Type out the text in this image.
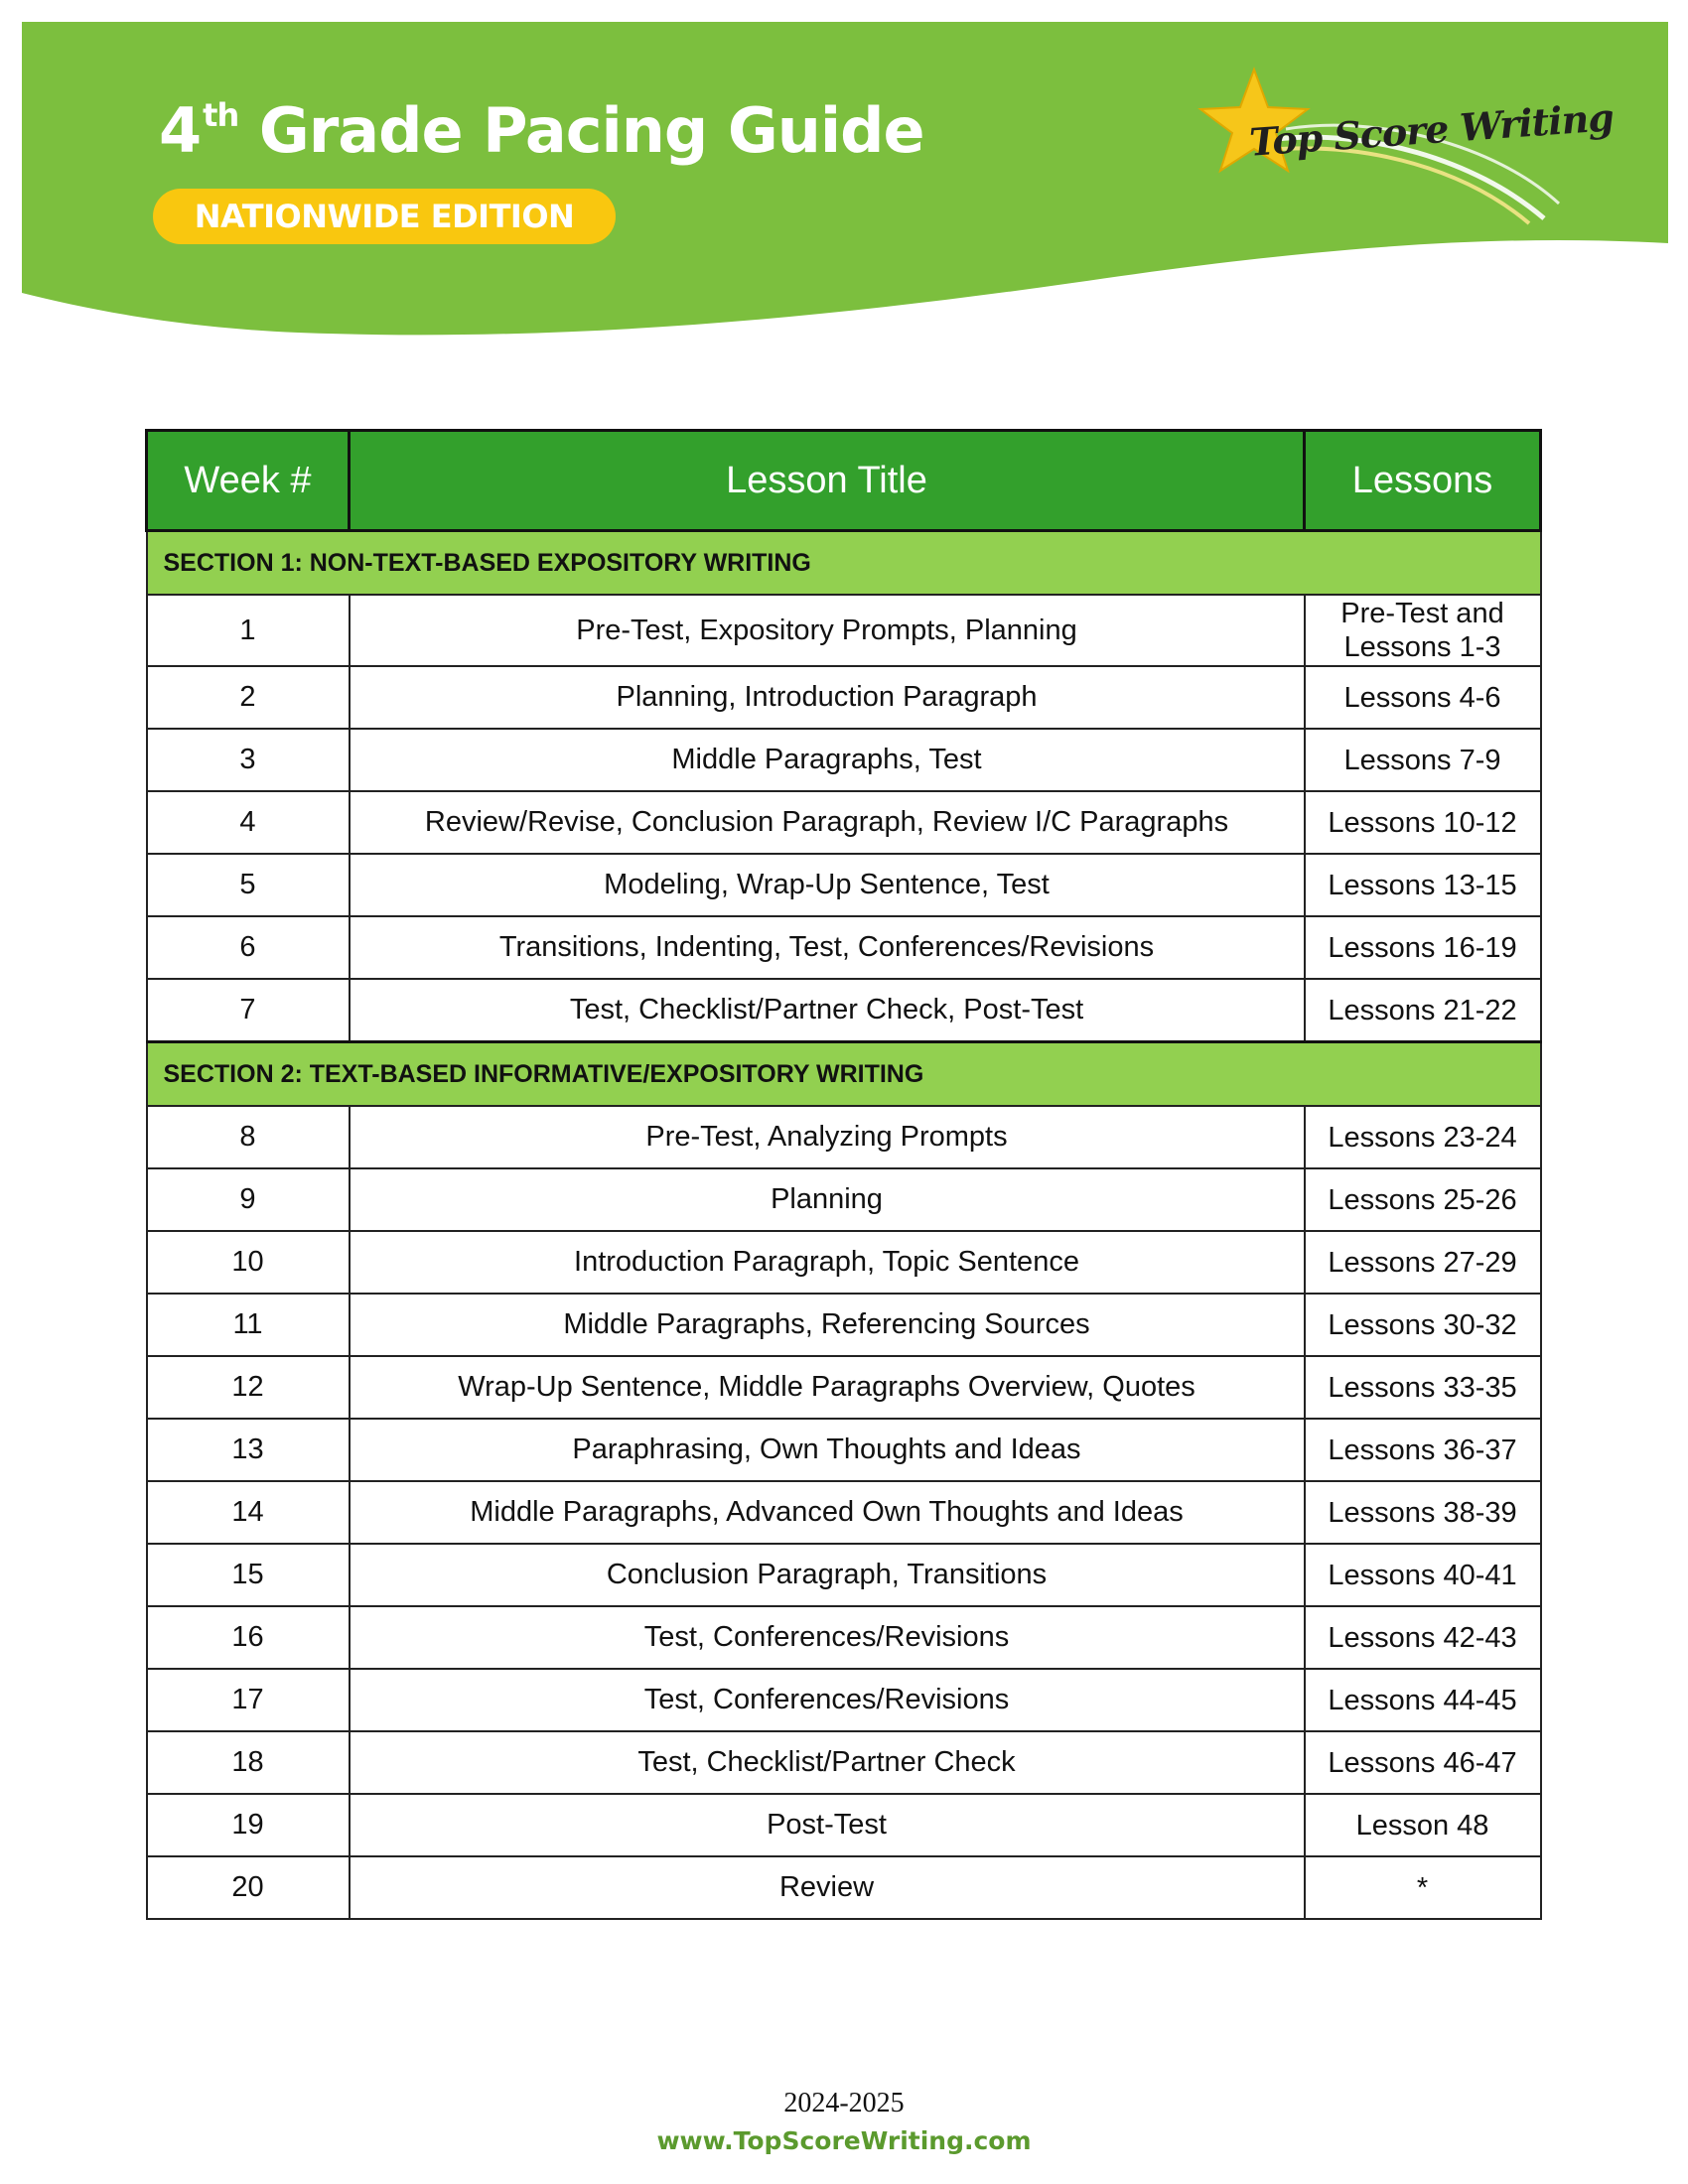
4th Grade Pacing Guide
NATIONWIDE EDITION
Top Score Writing
Week #	Lesson Title	Lessons
SECTION 1: NON-TEXT-BASED EXPOSITORY WRITING		
1	Pre-Test, Expository Prompts, Planning	Pre-Test and Lessons 1-3
2	Planning, Introduction Paragraph	Lessons 4-6
3	Middle Paragraphs, Test	Lessons 7-9
4	Review/Revise, Conclusion Paragraph, Review I/C Paragraphs	Lessons 10-12
5	Modeling, Wrap-Up Sentence, Test	Lessons 13-15
6	Transitions, Indenting, Test, Conferences/Revisions	Lessons 16-19
7	Test, Checklist/Partner Check, Post-Test	Lessons 21-22
SECTION 2: TEXT-BASED INFORMATIVE/EXPOSITORY WRITING		
8	Pre-Test, Analyzing Prompts	Lessons 23-24
9	Planning	Lessons 25-26
10	Introduction Paragraph, Topic Sentence	Lessons 27-29
11	Middle Paragraphs, Referencing Sources	Lessons 30-32
12	Wrap-Up Sentence, Middle Paragraphs Overview, Quotes	Lessons 33-35
13	Paraphrasing, Own Thoughts and Ideas	Lessons 36-37
14	Middle Paragraphs, Advanced Own Thoughts and Ideas	Lessons 38-39
15	Conclusion Paragraph, Transitions	Lessons 40-41
16	Test, Conferences/Revisions	Lessons 42-43
17	Test, Conferences/Revisions	Lessons 44-45
18	Test, Checklist/Partner Check	Lessons 46-47
19	Post-Test	Lesson 48
20	Review	*
2024-2025
www.TopScoreWriting.com
